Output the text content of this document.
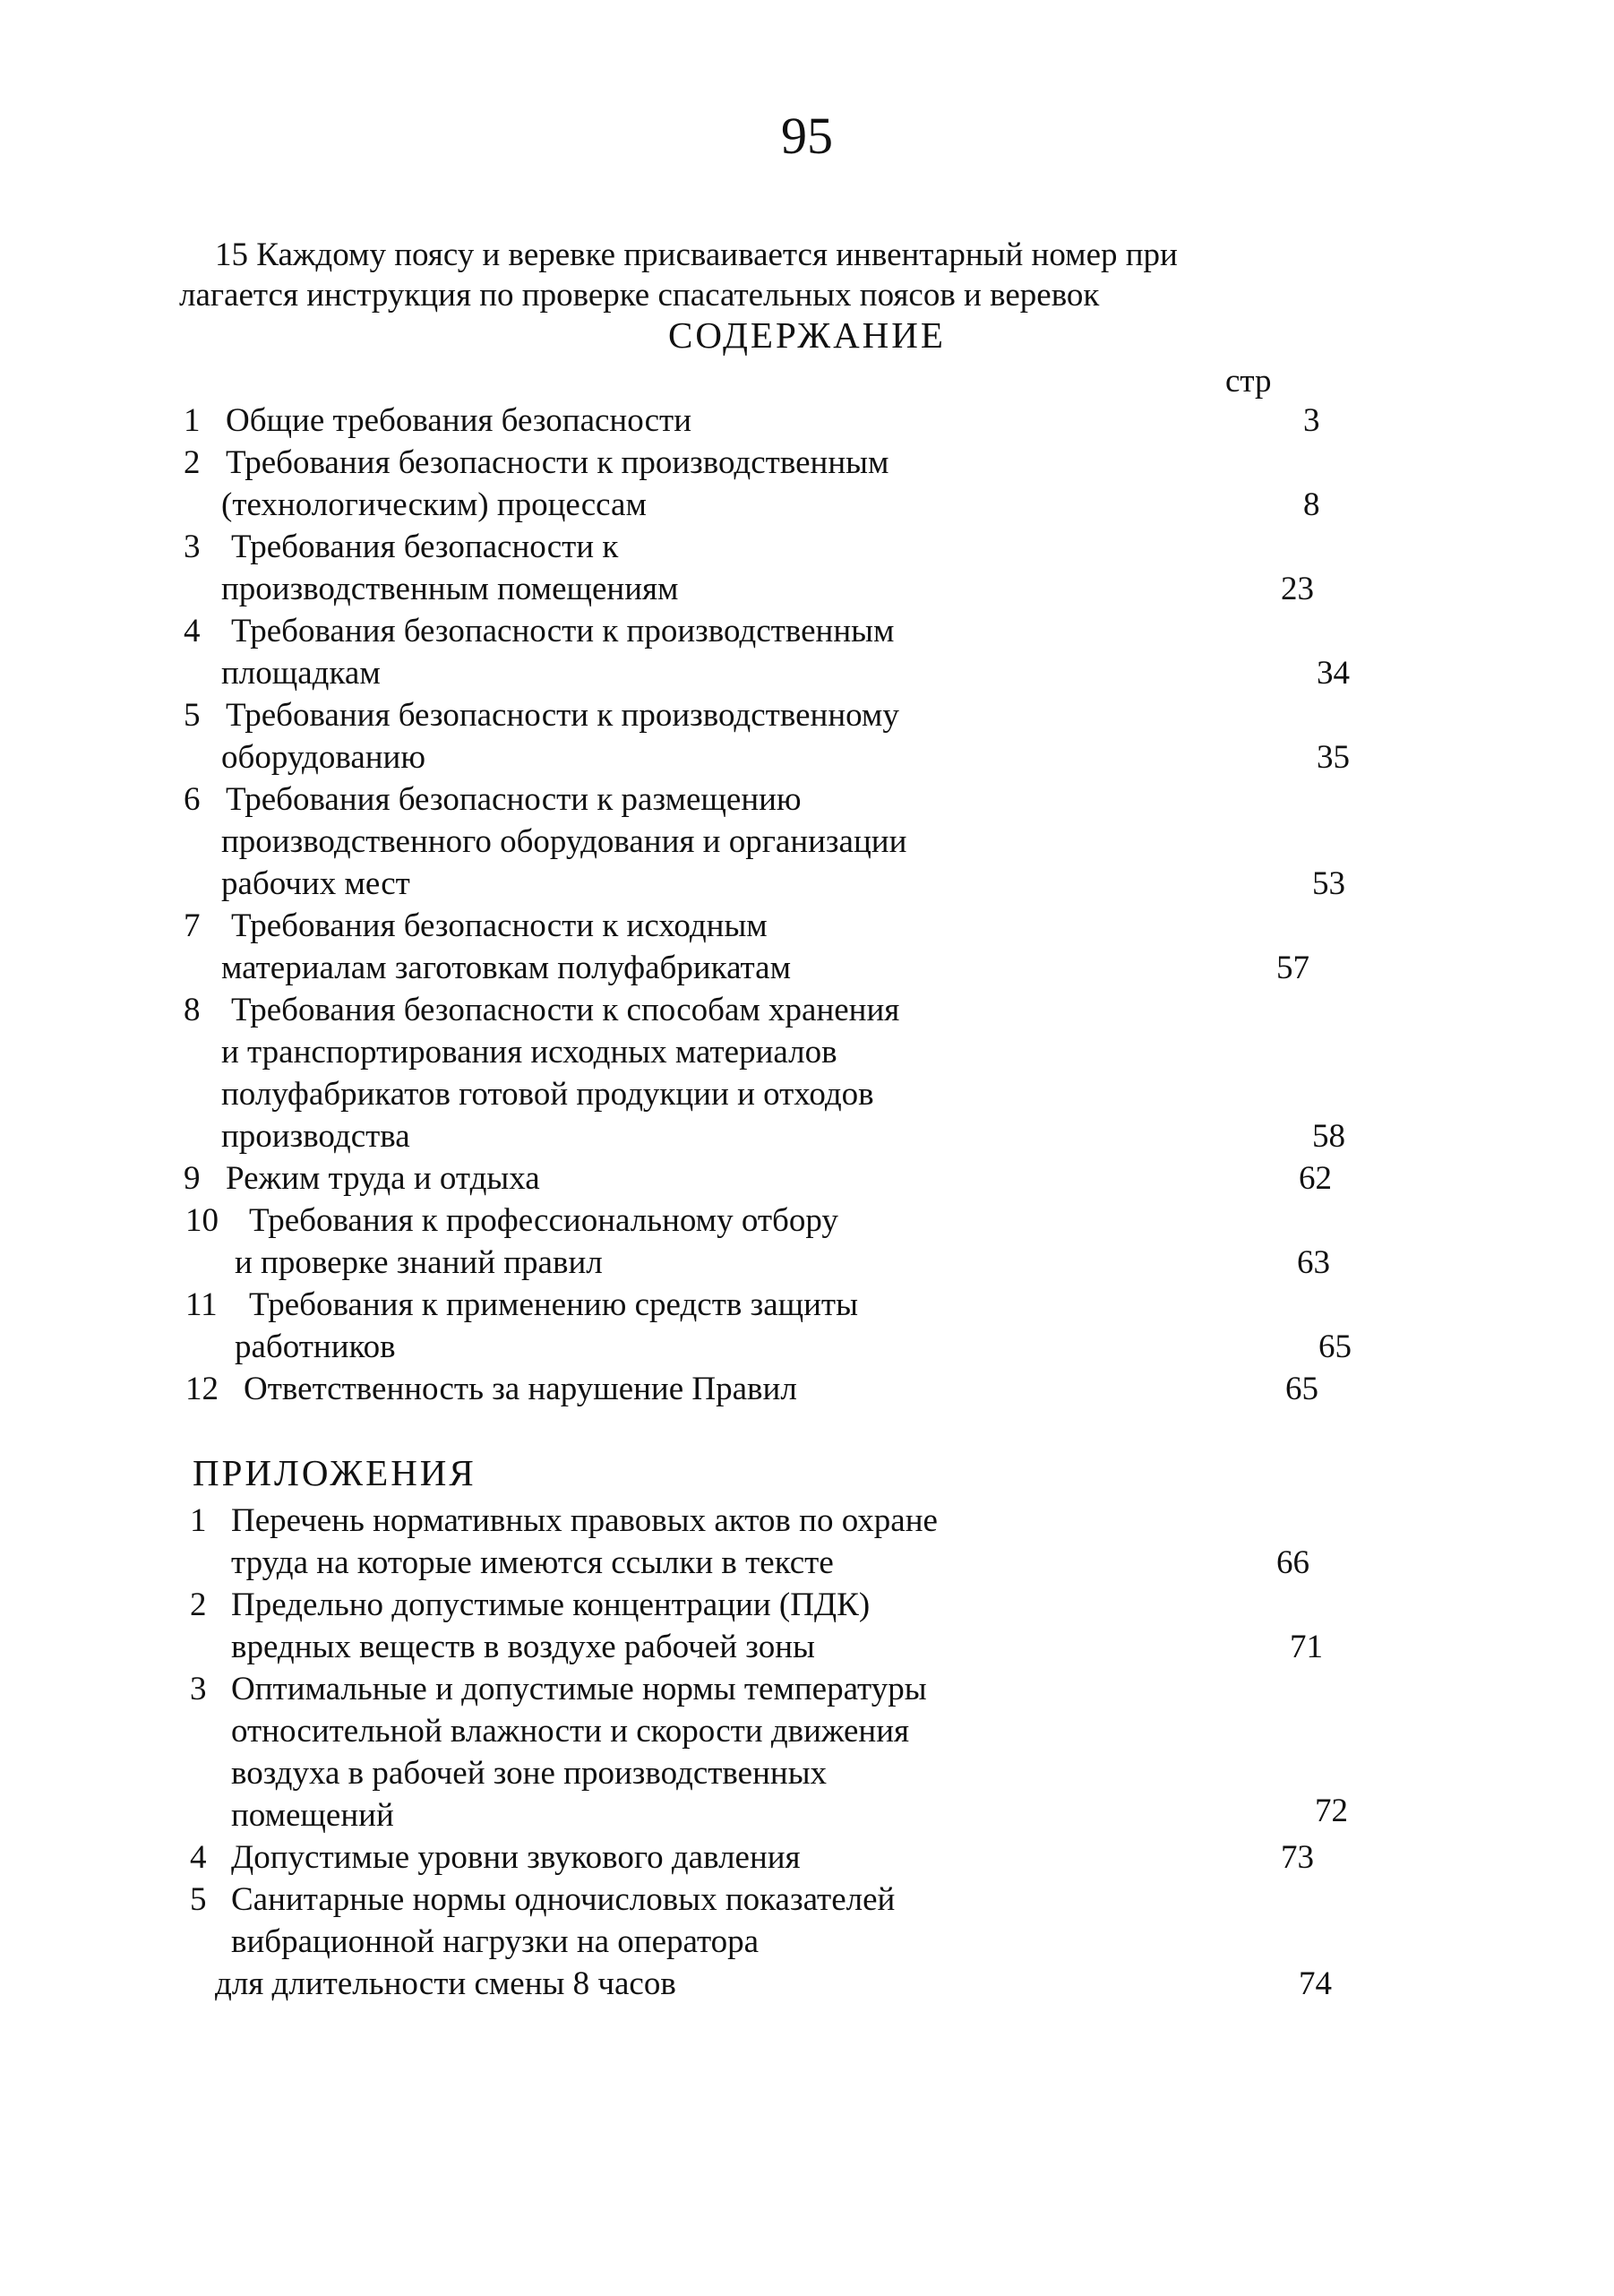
95
15 Каждому поясу и веревке присваивается инвентарный номер при
лагается инструкция по проверке спасательных поясов и веревок
СОДЕРЖАНИЕ
стр
1 Общие требования безопасности	3
2 Требования безопасности к производственным
(технологическим) процессам	8
3 Требования безопасности к
производственным помещениям	23
4 Требования безопасности к производственным
площадкам	34
5 Требования безопасности к производственному
оборудованию	35
6 Требования безопасности к размещению
производственного оборудования и организации
рабочих мест	53
7 Требования безопасности к исходным
материалам заготовкам полуфабрикатам	57
8 Требования безопасности к способам хранения
и транспортирования исходных материалов
полуфабрикатов готовой продукции и отходов
производства	58
9 Режим труда и отдыха	62
10 Требования к профессиональному отбору
и проверке знаний правил	63
11 Требования к применению средств защиты
работников	65
12 Ответственность за нарушение Правил	65
ПРИЛОЖЕНИЯ
1 Перечень нормативных правовых актов по охране
труда на которые имеются ссылки в тексте	66
2 Предельно допустимые концентрации (ПДК)
вредных веществ в воздухе рабочей зоны	71
3 Оптимальные и допустимые нормы температуры
относительной влажности и скорости движения
воздуха в рабочей зоне производственных
помещений	72
4 Допустимые уровни звукового давления	73
5 Санитарные нормы одночисловых показателей
вибрационной нагрузки на оператора
для длительности смены 8 часов	74
